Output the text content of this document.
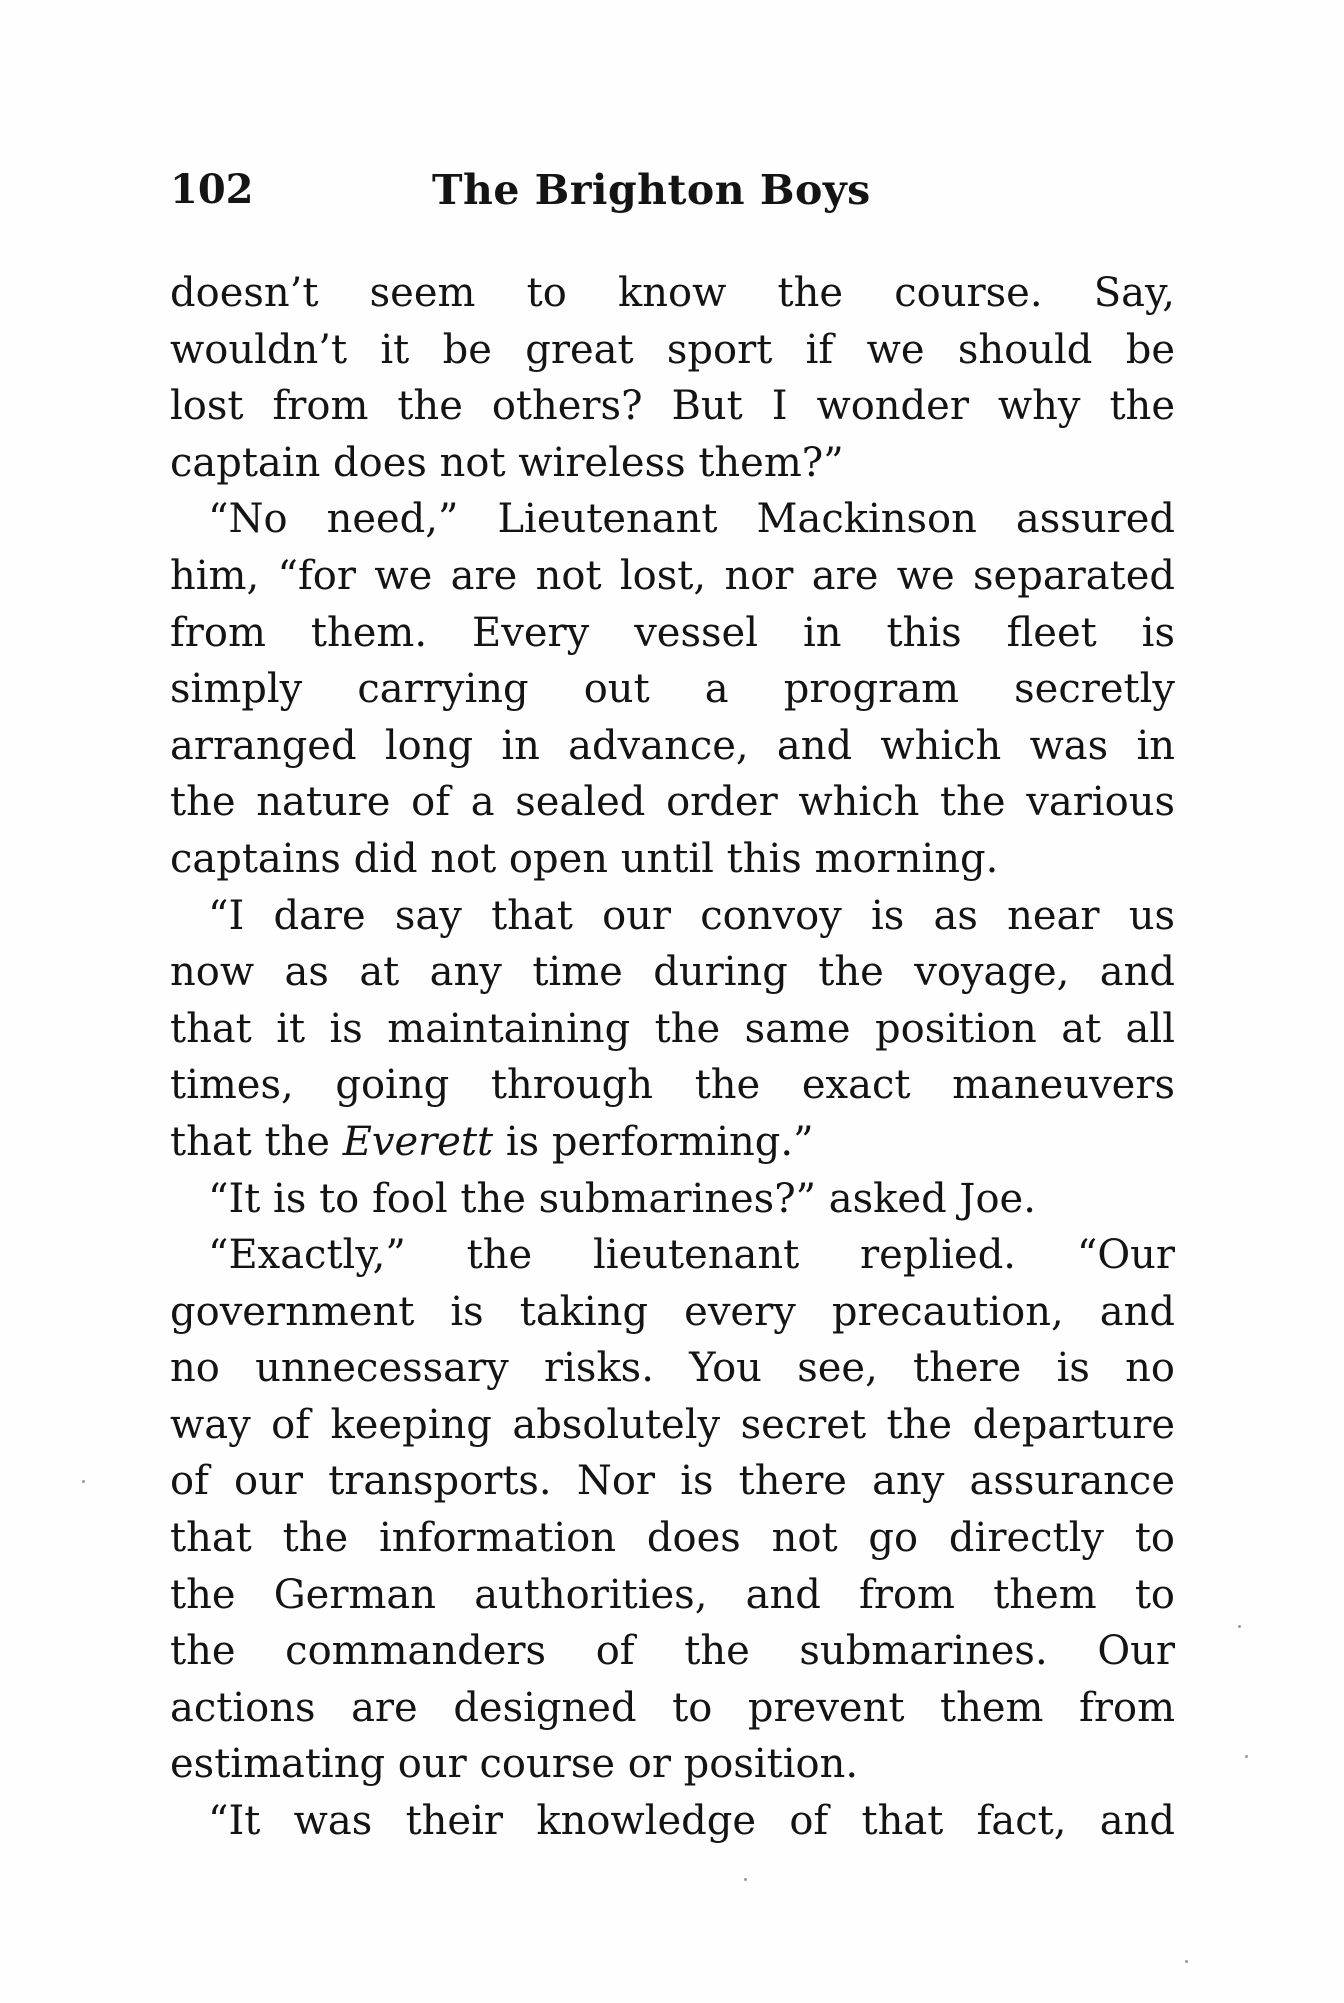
102	The Brighton Boys
doesn’t seem to know the course. Say,
wouldn’t it be great sport if we should be
lost from the others? But I wonder why the
captain does not wireless them?”
“No need,” Lieutenant Mackinson assured
him, “for we are not lost, nor are we separated
from them. Every vessel in this fleet is
simply carrying out a program secretly
arranged long in advance, and which was in
the nature of a sealed order which the various
captains did not open until this morning.
“I dare say that our convoy is as near us
now as at any time during the voyage, and
that it is maintaining the same position at all
times, going through the exact maneuvers
that the Everett is performing.”
“It is to fool the submarines?” asked Joe.
“Exactly,” the lieutenant replied. “Our
government is taking every precaution, and
no unnecessary risks. You see, there is no
way of keeping absolutely secret the departure
of our transports. Nor is there any assurance
that the information does not go directly to
the German authorities, and from them to
the commanders of the submarines. Our
actions are designed to prevent them from
estimating our course or position.
“It was their knowledge of that fact, and
